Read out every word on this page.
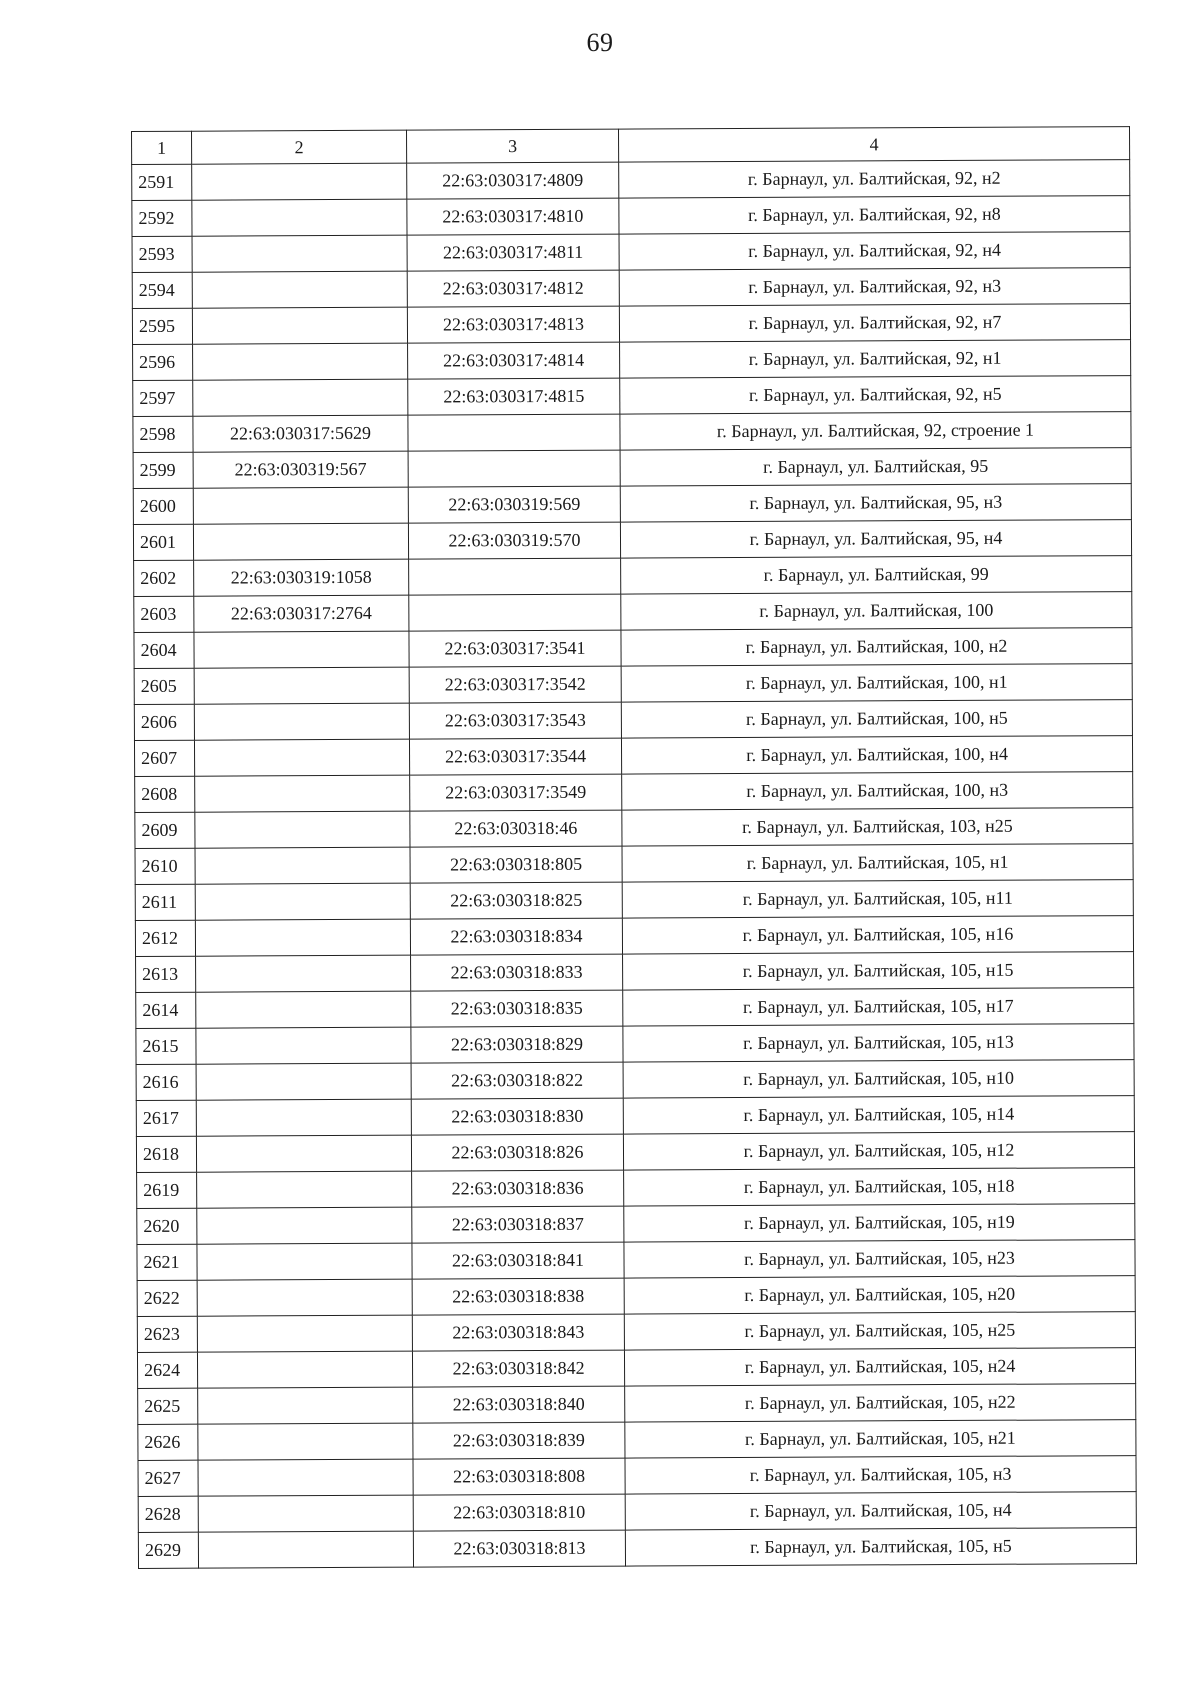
69
1	2	3	4
2591		22:63:030317:4809	г. Барнаул, ул. Балтийская, 92, н2
2592		22:63:030317:4810	г. Барнаул, ул. Балтийская, 92, н8
2593		22:63:030317:4811	г. Барнаул, ул. Балтийская, 92, н4
2594		22:63:030317:4812	г. Барнаул, ул. Балтийская, 92, н3
2595		22:63:030317:4813	г. Барнаул, ул. Балтийская, 92, н7
2596		22:63:030317:4814	г. Барнаул, ул. Балтийская, 92, н1
2597		22:63:030317:4815	г. Барнаул, ул. Балтийская, 92, н5
2598	22:63:030317:5629		г. Барнаул, ул. Балтийская, 92, строение 1
2599	22:63:030319:567		г. Барнаул, ул. Балтийская, 95
2600		22:63:030319:569	г. Барнаул, ул. Балтийская, 95, н3
2601		22:63:030319:570	г. Барнаул, ул. Балтийская, 95, н4
2602	22:63:030319:1058		г. Барнаул, ул. Балтийская, 99
2603	22:63:030317:2764		г. Барнаул, ул. Балтийская, 100
2604		22:63:030317:3541	г. Барнаул, ул. Балтийская, 100, н2
2605		22:63:030317:3542	г. Барнаул, ул. Балтийская, 100, н1
2606		22:63:030317:3543	г. Барнаул, ул. Балтийская, 100, н5
2607		22:63:030317:3544	г. Барнаул, ул. Балтийская, 100, н4
2608		22:63:030317:3549	г. Барнаул, ул. Балтийская, 100, н3
2609		22:63:030318:46	г. Барнаул, ул. Балтийская, 103, н25
2610		22:63:030318:805	г. Барнаул, ул. Балтийская, 105, н1
2611		22:63:030318:825	г. Барнаул, ул. Балтийская, 105, н11
2612		22:63:030318:834	г. Барнаул, ул. Балтийская, 105, н16
2613		22:63:030318:833	г. Барнаул, ул. Балтийская, 105, н15
2614		22:63:030318:835	г. Барнаул, ул. Балтийская, 105, н17
2615		22:63:030318:829	г. Барнаул, ул. Балтийская, 105, н13
2616		22:63:030318:822	г. Барнаул, ул. Балтийская, 105, н10
2617		22:63:030318:830	г. Барнаул, ул. Балтийская, 105, н14
2618		22:63:030318:826	г. Барнаул, ул. Балтийская, 105, н12
2619		22:63:030318:836	г. Барнаул, ул. Балтийская, 105, н18
2620		22:63:030318:837	г. Барнаул, ул. Балтийская, 105, н19
2621		22:63:030318:841	г. Барнаул, ул. Балтийская, 105, н23
2622		22:63:030318:838	г. Барнаул, ул. Балтийская, 105, н20
2623		22:63:030318:843	г. Барнаул, ул. Балтийская, 105, н25
2624		22:63:030318:842	г. Барнаул, ул. Балтийская, 105, н24
2625		22:63:030318:840	г. Барнаул, ул. Балтийская, 105, н22
2626		22:63:030318:839	г. Барнаул, ул. Балтийская, 105, н21
2627		22:63:030318:808	г. Барнаул, ул. Балтийская, 105, н3
2628		22:63:030318:810	г. Барнаул, ул. Балтийская, 105, н4
2629		22:63:030318:813	г. Барнаул, ул. Балтийская, 105, н5
